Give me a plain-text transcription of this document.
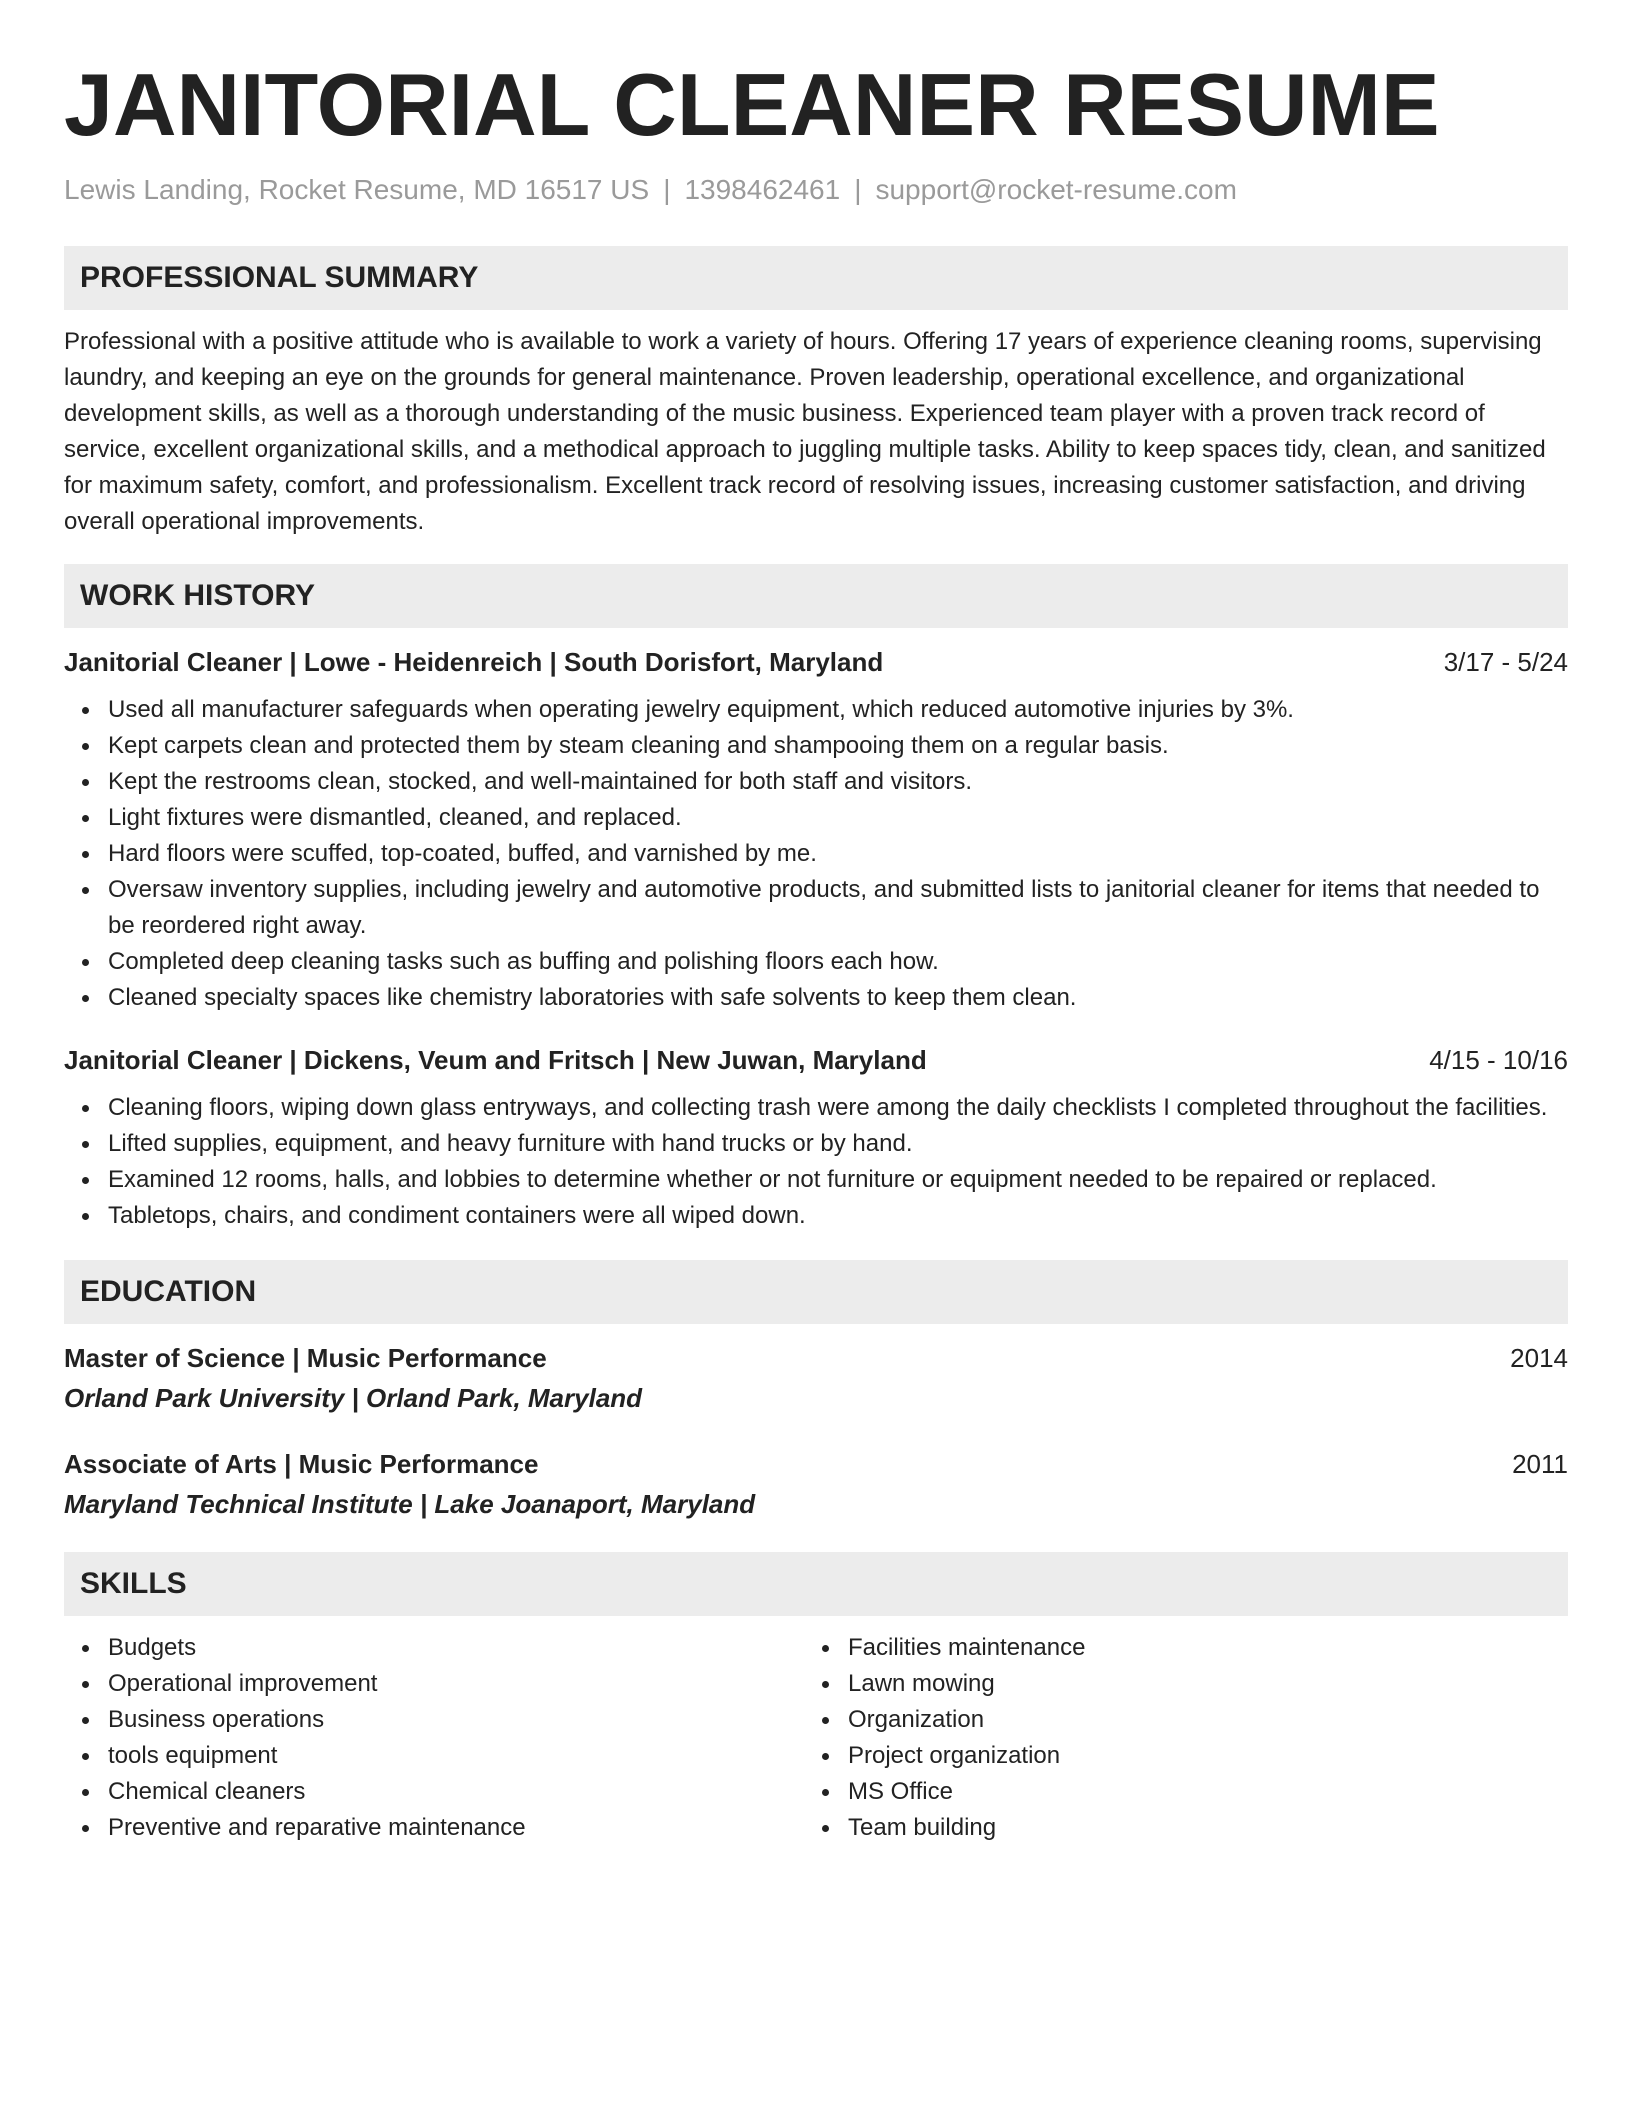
JANITORIAL CLEANER RESUME
Lewis Landing, Rocket Resume, MD 16517 US | 1398462461 | support@rocket-resume.com
PROFESSIONAL SUMMARY

Professional with a positive attitude who is available to work a variety of hours. Offering 17 years of experience cleaning rooms, supervising laundry, and keeping an eye on the grounds for general maintenance. Proven leadership, operational excellence, and organizational development skills, as well as a thorough understanding of the music business. Experienced team player with a proven track record of service, excellent organizational skills, and a methodical approach to juggling multiple tasks. Ability to keep spaces tidy, clean, and sanitized for maximum safety, comfort, and professionalism. Excellent track record of resolving issues, increasing customer satisfaction, and driving overall operational improvements.

WORK HISTORY
Janitorial Cleaner | Lowe - Heidenreich | South Dorisfort, Maryland	3/17 - 5/24
Used all manufacturer safeguards when operating jewelry equipment, which reduced automotive injuries by 3%.
Kept carpets clean and protected them by steam cleaning and shampooing them on a regular basis.
Kept the restrooms clean, stocked, and well-maintained for both staff and visitors.
Light fixtures were dismantled, cleaned, and replaced.
Hard floors were scuffed, top-coated, buffed, and varnished by me.
Oversaw inventory supplies, including jewelry and automotive products, and submitted lists to janitorial cleaner for items that needed to be reordered right away.
Completed deep cleaning tasks such as buffing and polishing floors each how.
Cleaned specialty spaces like chemistry laboratories with safe solvents to keep them clean.
Janitorial Cleaner | Dickens, Veum and Fritsch | New Juwan, Maryland	4/15 - 10/16
Cleaning floors, wiping down glass entryways, and collecting trash were among the daily checklists I completed throughout the facilities.
Lifted supplies, equipment, and heavy furniture with hand trucks or by hand.
Examined 12 rooms, halls, and lobbies to determine whether or not furniture or equipment needed to be repaired or replaced.
Tabletops, chairs, and condiment containers were all wiped down.
EDUCATION
Master of Science | Music Performance	2014
Orland Park University | Orland Park, Maryland
Associate of Arts | Music Performance	2011
Maryland Technical Institute | Lake Joanaport, Maryland
SKILLS
Budgets
Operational improvement
Business operations
tools equipment
Chemical cleaners
Preventive and reparative maintenance
Facilities maintenance
Lawn mowing
Organization
Project organization
MS Office
Team building
